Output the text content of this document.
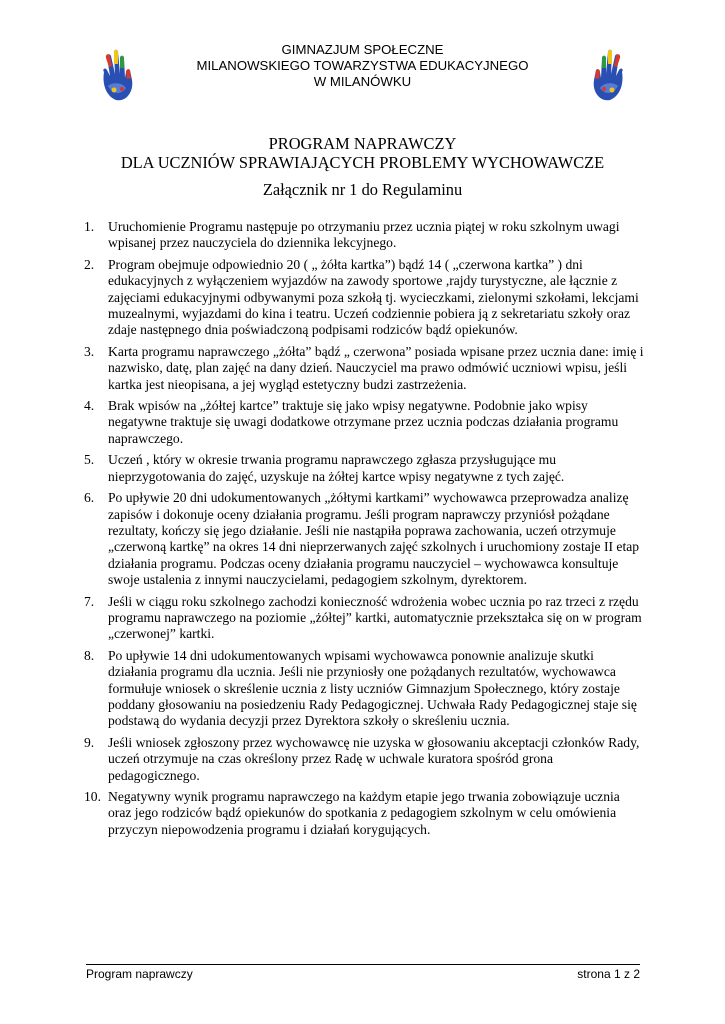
GIMNAZJUM SPOŁECZNE
MILANOWSKIEGO TOWARZYSTWA EDUKACYJNEGO
W MILANÓWKU
PROGRAM NAPRAWCZY
DLA UCZNIÓW SPRAWIAJĄCYCH PROBLEMY WYCHOWAWCZE
Załącznik nr 1 do Regulaminu
1. Uruchomienie Programu następuje po otrzymaniu przez ucznia piątej w roku szkolnym uwagi wpisanej przez nauczyciela do dziennika lekcyjnego.
2. Program obejmuje odpowiednio 20 ( „ żółta kartka”) bądź 14 ( „czerwona kartka” ) dni edukacyjnych z wyłączeniem wyjazdów na zawody sportowe ,rajdy turystyczne, ale łącznie z zajęciami edukacyjnymi odbywanymi poza szkołą tj. wycieczkami, zielonymi szkołami, lekcjami muzealnymi, wyjazdami do kina i teatru. Uczeń codziennie pobiera ją z sekretariatu szkoły oraz zdaje następnego dnia poświadczoną podpisami rodziców bądź opiekunów.
3. Karta programu naprawczego „żółta” bądź „ czerwona” posiada wpisane przez ucznia dane: imię i nazwisko, datę, plan zajęć na dany dzień. Nauczyciel ma prawo odmówić uczniowi wpisu, jeśli kartka jest nieopisana, a jej wygląd estetyczny budzi zastrzeżenia.
4. Brak wpisów na „żółtej kartce” traktuje się jako wpisy negatywne. Podobnie jako wpisy negatywne traktuje się uwagi dodatkowe otrzymane przez ucznia podczas działania programu naprawczego.
5. Uczeń , który w okresie trwania programu naprawczego zgłasza przysługujące mu nieprzygotowania do zajęć, uzyskuje na żółtej kartce wpisy negatywne z tych zajęć.
6. Po upływie 20 dni udokumentowanych „żółtymi kartkami” wychowawca przeprowadza analizę zapisów i dokonuje oceny działania programu. Jeśli program naprawczy przyniósł pożądane rezultaty, kończy się jego działanie. Jeśli nie nastąpiła poprawa zachowania, uczeń otrzymuje „czerwoną kartkę” na okres 14 dni nieprzerwanych zajęć szkolnych i uruchomiony zostaje II etap działania programu. Podczas oceny działania programu nauczyciel – wychowawca konsultuje swoje ustalenia z innymi nauczycielami, pedagogiem szkolnym, dyrektorem.
7. Jeśli w ciągu roku szkolnego zachodzi konieczność wdrożenia wobec ucznia po raz trzeci z rzędu programu naprawczego na poziomie „żółtej” kartki, automatycznie przekształca się on w program „czerwonej” kartki.
8. Po upływie 14 dni udokumentowanych wpisami wychowawca ponownie analizuje skutki działania programu dla ucznia. Jeśli nie przyniosły one pożądanych rezultatów, wychowawca formułuje wniosek o skreślenie ucznia z listy uczniów Gimnazjum Społecznego, który zostaje poddany głosowaniu na posiedzeniu Rady Pedagogicznej. Uchwała Rady Pedagogicznej staje się podstawą do wydania decyzji przez Dyrektora szkoły o skreśleniu ucznia.
9. Jeśli wniosek zgłoszony przez wychowawcę nie uzyska w głosowaniu akceptacji członków Rady, uczeń otrzymuje na czas określony przez Radę w uchwale kuratora spośród grona pedagogicznego.
10. Negatywny wynik programu naprawczego na każdym etapie jego trwania zobowiązuje ucznia oraz jego rodziców bądź opiekunów do spotkania z pedagogiem szkolnym w celu omówienia przyczyn niepowodzenia programu i działań korygujących.
Program naprawczy	strona 1 z 2
